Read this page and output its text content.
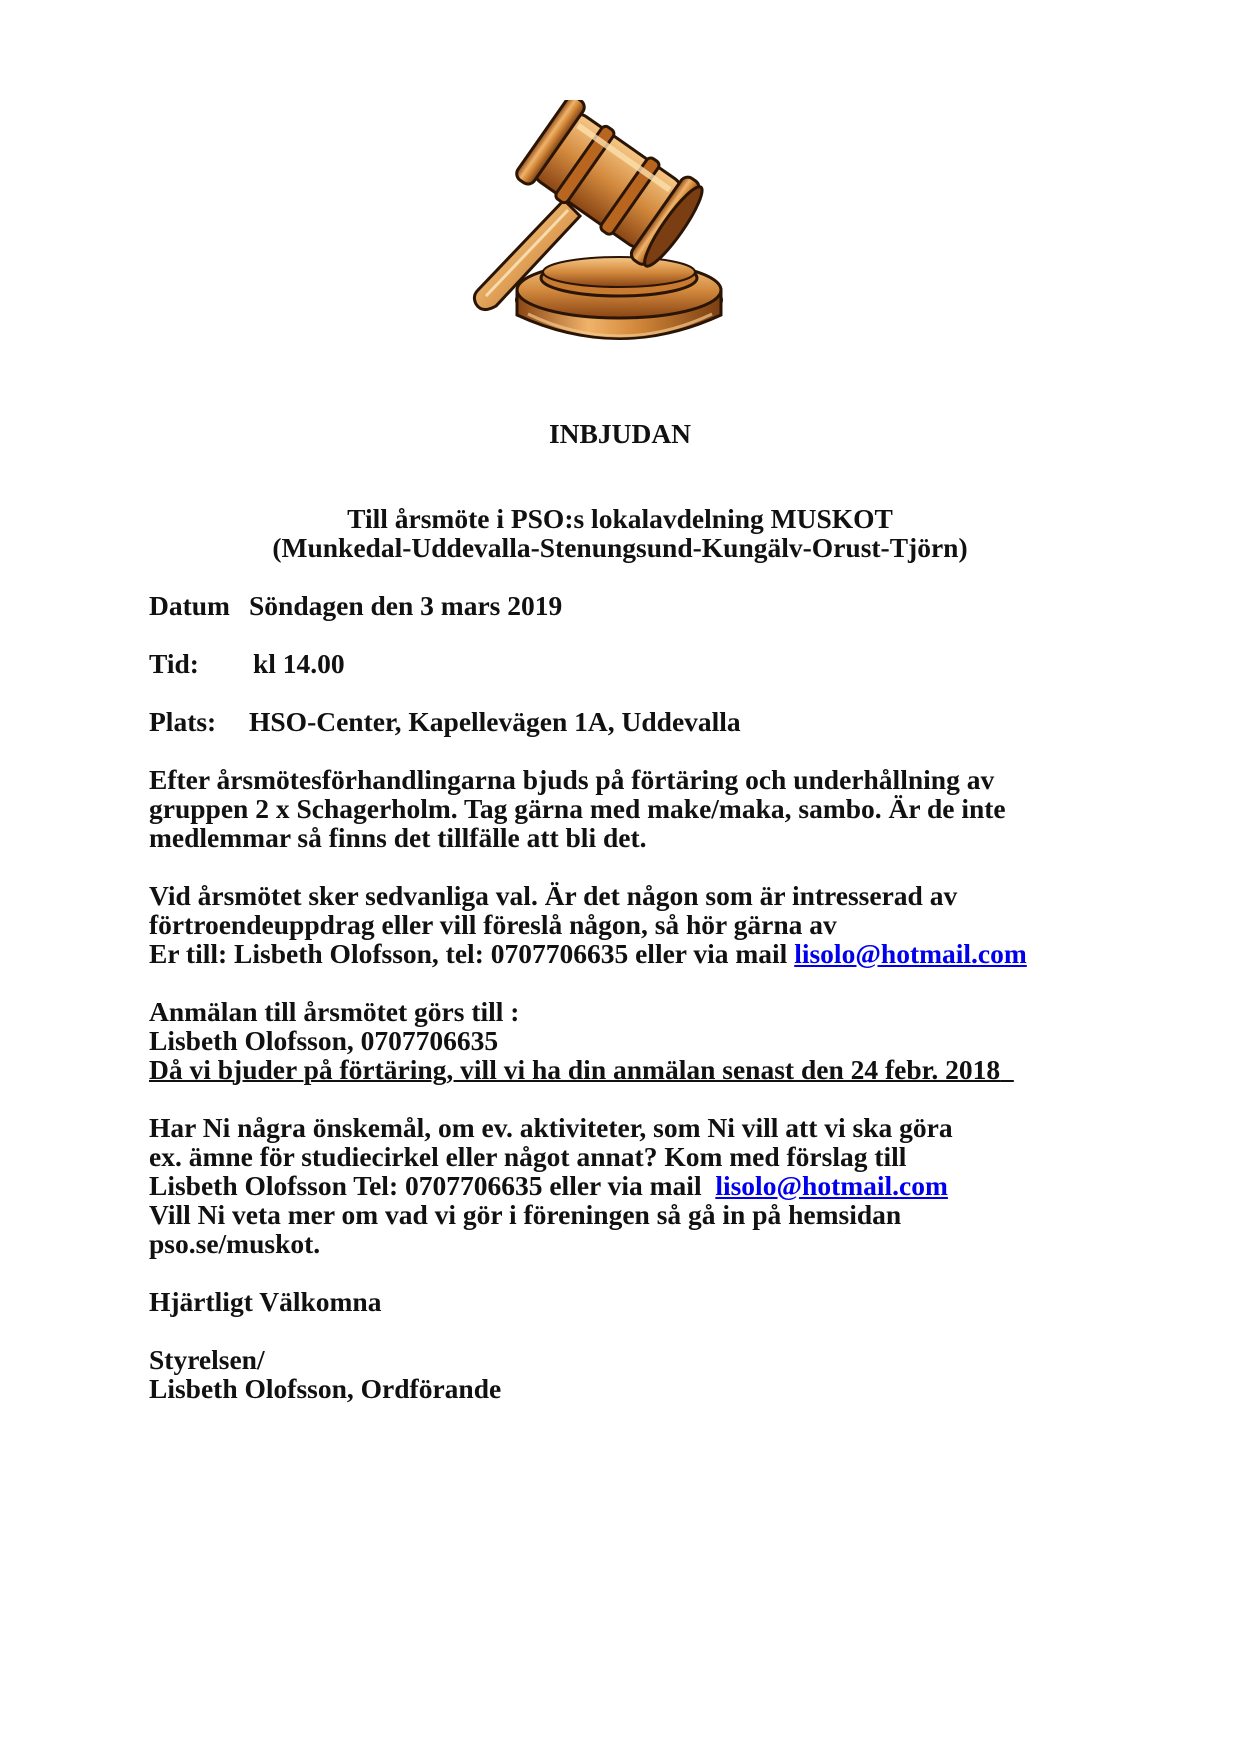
INBJUDAN
Till årsmöte i PSO:s lokalavdelning MUSKOT
(Munkedal-Uddevalla-Stenungsund-Kungälv-Orust-Tjörn)
Datum Söndagen den 3 mars 2019
Tid: kl 14.00
Plats: HSO-Center, Kapellevägen 1A, Uddevalla
Efter årsmötesförhandlingarna bjuds på förtäring och underhållning av
gruppen 2 x Schagerholm. Tag gärna med make/maka, sambo. Är de inte
medlemmar så finns det tillfälle att bli det.
Vid årsmötet sker sedvanliga val. Är det någon som är intresserad av
förtroendeuppdrag eller vill föreslå någon, så hör gärna av
Er till: Lisbeth Olofsson, tel: 0707706635 eller via mail lisolo@hotmail.com
Anmälan till årsmötet görs till :
Lisbeth Olofsson, 0707706635
Då vi bjuder på förtäring, vill vi ha din anmälan senast den 24 febr. 2018
Har Ni några önskemål, om ev. aktiviteter, som Ni vill att vi ska göra
ex. ämne för studiecirkel eller något annat? Kom med förslag till
Lisbeth Olofsson Tel: 0707706635 eller via mail  lisolo@hotmail.com
Vill Ni veta mer om vad vi gör i föreningen så gå in på hemsidan
pso.se/muskot.
Hjärtligt Välkomna
Styrelsen/
Lisbeth Olofsson, Ordförande
